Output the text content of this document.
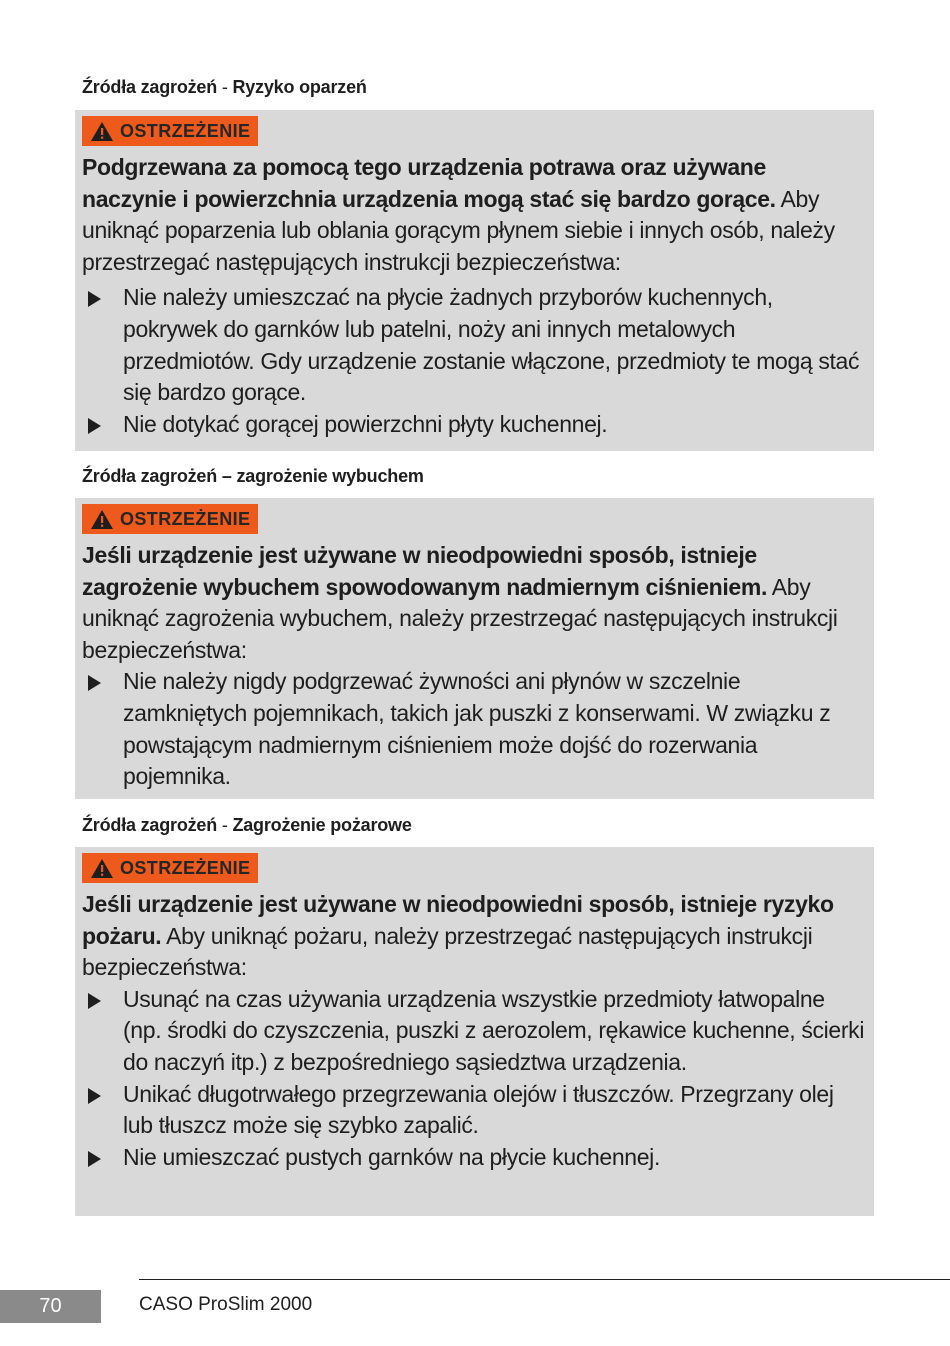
Źródła zagrożeń - Ryzyko oparzeń
OSTRZEŻENIE
Podgrzewana za pomocą tego urządzenia potrawa oraz używane naczynie i powierzchnia urządzenia mogą stać się bardzo gorące. Aby uniknąć poparzenia lub oblania gorącym płynem siebie i innych osób, należy przestrzegać następujących instrukcji bezpieczeństwa:
Nie należy umieszczać na płycie żadnych przyborów kuchennych, pokrywek do garnków lub patelni, noży ani innych metalowych przedmiotów. Gdy urządzenie zostanie włączone, przedmioty te mogą stać się bardzo gorące.
Nie dotykać gorącej powierzchni płyty kuchennej.
Źródła zagrożeń – zagrożenie wybuchem
OSTRZEŻENIE
Jeśli urządzenie jest używane w nieodpowiedni sposób, istnieje zagrożenie wybuchem spowodowanym nadmiernym ciśnieniem. Aby uniknąć zagrożenia wybuchem, należy przestrzegać następujących instrukcji bezpieczeństwa:
Nie należy nigdy podgrzewać żywności ani płynów w szczelnie zamkniętych pojemnikach, takich jak puszki z konserwami. W związku z powstającym nadmiernym ciśnieniem może dojść do rozerwania pojemnika.
Źródła zagrożeń - Zagrożenie pożarowe
OSTRZEŻENIE
Jeśli urządzenie jest używane w nieodpowiedni sposób, istnieje ryzyko pożaru. Aby uniknąć pożaru, należy przestrzegać następujących instrukcji bezpieczeństwa:
Usunąć na czas używania urządzenia wszystkie przedmioty łatwopalne (np. środki do czyszczenia, puszki z aerozolem, rękawice kuchenne, ścierki do naczyń itp.) z bezpośredniego sąsiedztwa urządzenia.
Unikać długotrwałego przegrzewania olejów i tłuszczów. Przegrzany olej lub tłuszcz może się szybko zapalić.
Nie umieszczać pustych garnków na płycie kuchennej.
70	CASO ProSlim 2000
